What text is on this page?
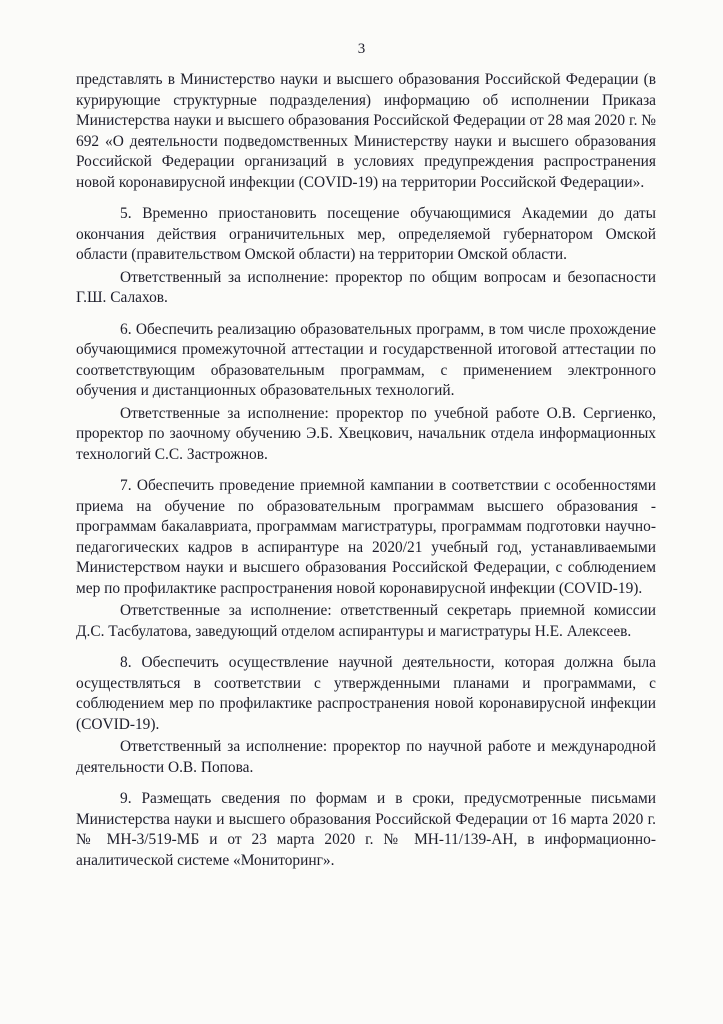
3

представлять в Министерство науки и высшего образования Российской Федерации (в курирующие структурные подразделения) информацию об исполнении Приказа Министерства науки и высшего образования Российской Федерации от 28 мая 2020 г. № 692 «О деятельности подведомственных Министерству науки и высшего образования Российской Федерации организаций в условиях предупреждения распространения новой коронавирусной инфекции (COVID-19) на территории Российской Федерации».

5. Временно приостановить посещение обучающимися Академии до даты окончания действия ограничительных мер, определяемой губернатором Омской области (правительством Омской области) на территории Омской области.

Ответственный за исполнение: проректор по общим вопросам и безопасности Г.Ш. Салахов.

6. Обеспечить реализацию образовательных программ, в том числе прохождение обучающимися промежуточной аттестации и государственной итоговой аттестации по соответствующим образовательным программам, с применением электронного обучения и дистанционных образовательных технологий.

Ответственные за исполнение: проректор по учебной работе О.В. Сергиенко, проректор по заочному обучению Э.Б. Хвецкович, начальник отдела информационных технологий С.С. Застрожнов.

7. Обеспечить проведение приемной кампании в соответствии с особенностями приема на обучение по образовательным программам высшего образования - программам бакалавриата, программам магистратуры, программам подготовки научно-педагогических кадров в аспирантуре на 2020/21 учебный год, устанавливаемыми Министерством науки и высшего образования Российской Федерации, с соблюдением мер по профилактике распространения новой коронавирусной инфекции (COVID-19).

Ответственные за исполнение: ответственный секретарь приемной комиссии Д.С. Тасбулатова, заведующий отделом аспирантуры и магистратуры Н.Е. Алексеев.

8. Обеспечить осуществление научной деятельности, которая должна была осуществляться в соответствии с утвержденными планами и программами, с соблюдением мер по профилактике распространения новой коронавирусной инфекции (COVID-19).

Ответственный за исполнение: проректор по научной работе и международной деятельности О.В. Попова.

9. Размещать сведения по формам и в сроки, предусмотренные письмами Министерства науки и высшего образования Российской Федерации от 16 марта 2020 г. № МН-3/519-МБ и от 23 марта 2020 г. № МН-11/139-АН, в информационно-аналитической системе «Мониторинг».
